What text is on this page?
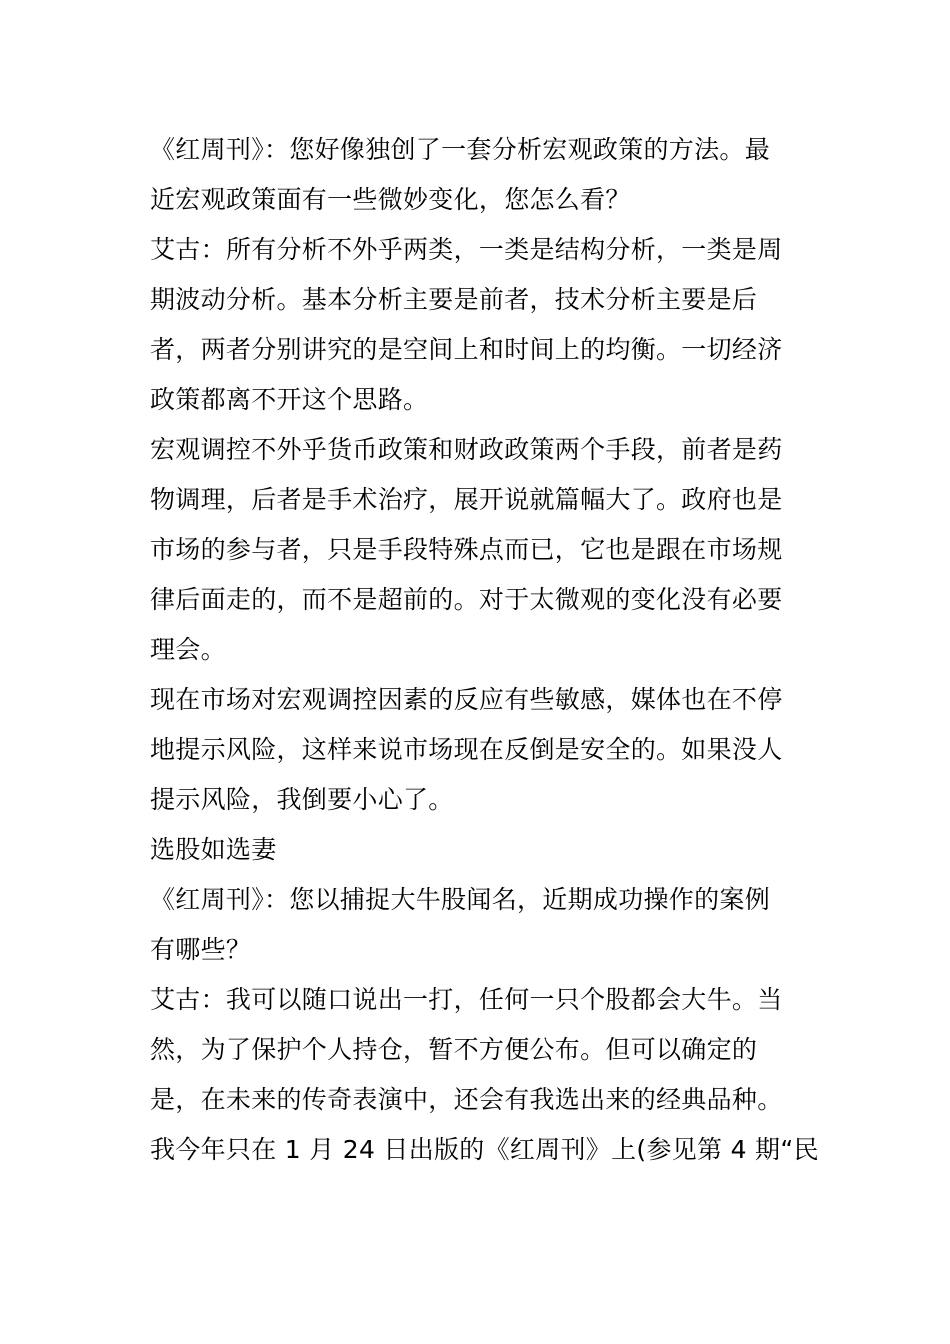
《红周刊》：您好像独创了一套分析宏观政策的方法。最
近宏观政策面有一些微妙变化，您怎么看？
艾古：所有分析不外乎两类，一类是结构分析，一类是周
期波动分析。基本分析主要是前者，技术分析主要是后
者，两者分别讲究的是空间上和时间上的均衡。一切经济
政策都离不开这个思路。
宏观调控不外乎货币政策和财政政策两个手段，前者是药
物调理，后者是手术治疗，展开说就篇幅大了。政府也是
市场的参与者，只是手段特殊点而已，它也是跟在市场规
律后面走的，而不是超前的。对于太微观的变化没有必要
理会。
现在市场对宏观调控因素的反应有些敏感，媒体也在不停
地提示风险，这样来说市场现在反倒是安全的。如果没人
提示风险，我倒要小心了。
选股如选妻
《红周刊》：您以捕捉大牛股闻名，近期成功操作的案例
有哪些？
艾古：我可以随口说出一打，任何一只个股都会大牛。当
然，为了保护个人持仓，暂不方便公布。但可以确定的
是，在未来的传奇表演中，还会有我选出来的经典品种。
我今年只在 1 月 24 日出版的《红周刊》上(参见第 4 期“民
